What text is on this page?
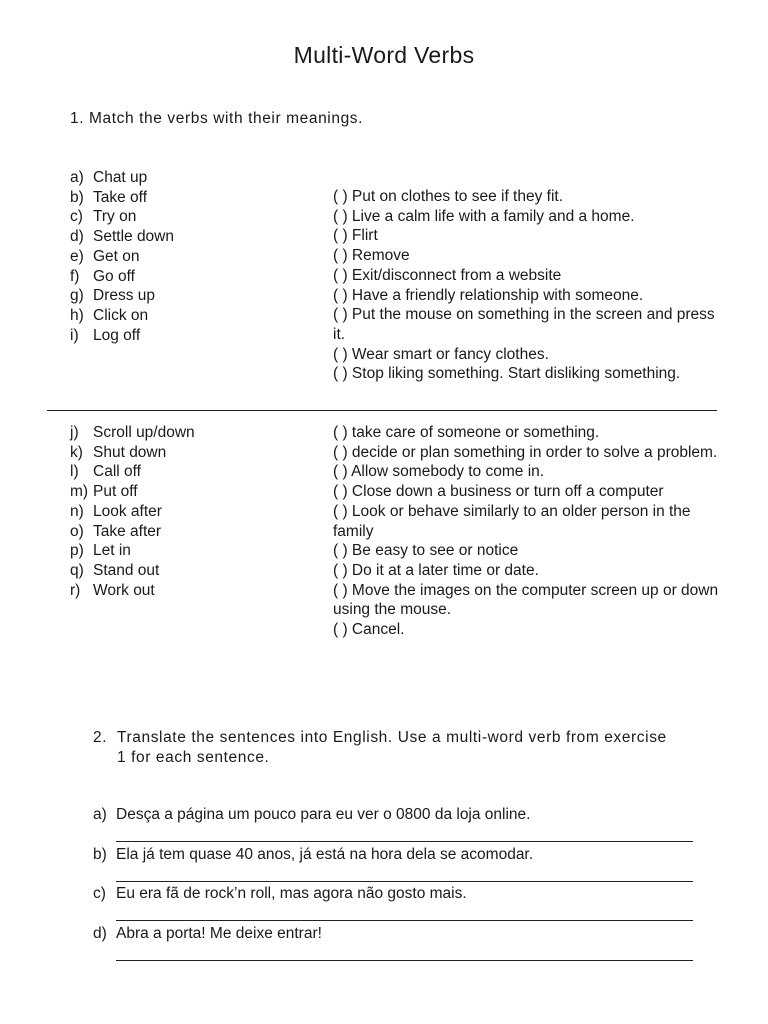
Multi-Word Verbs
1. Match the verbs with their meanings.
a) Chat up
b) Take off
c) Try on
d) Settle down
e) Get on
f) Go off
g) Dress up
h) Click on
i) Log off
( ) Put on clothes to see if they fit.
( ) Live a calm life with a family and a home.
( ) Flirt
( ) Remove
( ) Exit/disconnect from a website
( ) Have a friendly relationship with someone.
( ) Put the mouse on something in the screen and press it.
( ) Wear smart or fancy clothes.
( ) Stop liking something. Start disliking something.
j) Scroll up/down
k) Shut down
l) Call off
m) Put off
n) Look after
o) Take after
p) Let in
q) Stand out
r) Work out
( ) take care of someone or something.
( ) decide or plan something in order to solve a problem.
( ) Allow somebody to come in.
( ) Close down a business or turn off a computer
( ) Look or behave similarly to an older person in the family
( ) Be easy to see or notice
( ) Do it at a later time or date.
( ) Move the images on the computer screen up or down using the mouse.
( ) Cancel.
2. Translate the sentences into English. Use a multi-word verb from exercise 1 for each sentence.
a) Desça a página um pouco para eu ver o 0800 da loja online.
b) Ela já tem quase 40 anos, já está na hora dela se acomodar.
c) Eu era fã de rock’n roll, mas agora não gosto mais.
d) Abra a porta! Me deixe entrar!
